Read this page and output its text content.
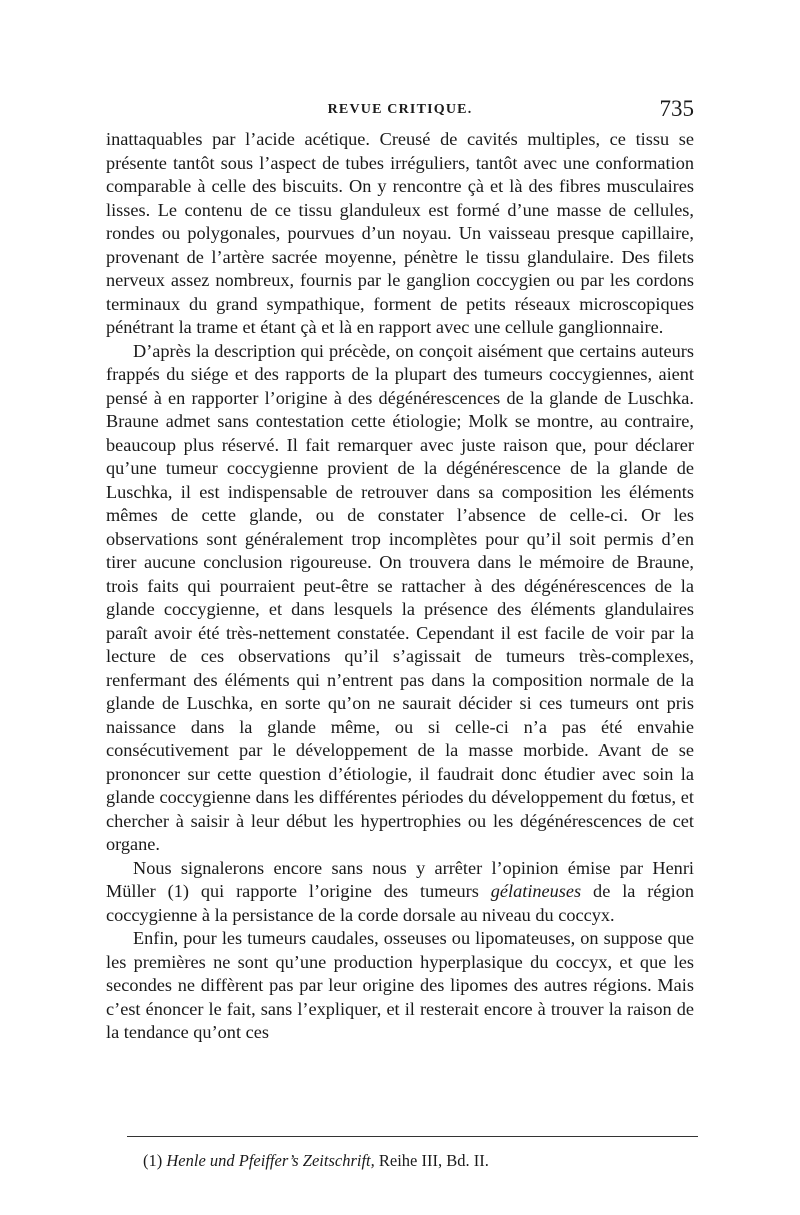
REVUE CRITIQUE.	735

inattaquables par l’acide acétique. Creusé de cavités multiples, ce tissu se présente tantôt sous l’aspect de tubes irréguliers, tantôt avec une conformation comparable à celle des biscuits. On y rencontre çà et là des fibres musculaires lisses. Le contenu de ce tissu glanduleux est formé d’une masse de cellules, rondes ou polygonales, pourvues d’un noyau. Un vaisseau presque capillaire, provenant de l’artère sacrée moyenne, pénètre le tissu glandulaire. Des filets nerveux assez nombreux, fournis par le ganglion coccygien ou par les cordons terminaux du grand sympathique, forment de petits réseaux microscopiques pénétrant la trame et étant çà et là en rapport avec une cellule ganglionnaire.

D’après la description qui précède, on conçoit aisément que certains auteurs frappés du siége et des rapports de la plupart des tumeurs coccygiennes, aient pensé à en rapporter l’origine à des dégénérescences de la glande de Luschka. Braune admet sans contestation cette étiologie; Molk se montre, au contraire, beaucoup plus réservé. Il fait remarquer avec juste raison que, pour déclarer qu’une tumeur coccygienne provient de la dégénérescence de la glande de Luschka, il est indispensable de retrouver dans sa composition les éléments mêmes de cette glande, ou de constater l’absence de celle-ci. Or les observations sont généralement trop incomplètes pour qu’il soit permis d’en tirer aucune conclusion rigoureuse. On trouvera dans le mémoire de Braune, trois faits qui pourraient peut-être se rattacher à des dégénérescences de la glande coccygienne, et dans lesquels la présence des éléments glandulaires paraît avoir été très-nettement constatée. Cependant il est facile de voir par la lecture de ces observations qu’il s’agissait de tumeurs très-complexes, renfermant des éléments qui n’entrent pas dans la composition normale de la glande de Luschka, en sorte qu’on ne saurait décider si ces tumeurs ont pris naissance dans la glande même, ou si celle-ci n’a pas été envahie consécutivement par le développement de la masse morbide. Avant de se prononcer sur cette question d’étiologie, il faudrait donc étudier avec soin la glande coccygienne dans les différentes périodes du développement du fœtus, et chercher à saisir à leur début les hypertrophies ou les dégénérescences de cet organe.

Nous signalerons encore sans nous y arrêter l’opinion émise par Henri Müller (1) qui rapporte l’origine des tumeurs gélatineuses de la région coccygienne à la persistance de la corde dorsale au niveau du coccyx.

Enfin, pour les tumeurs caudales, osseuses ou lipomateuses, on suppose que les premières ne sont qu’une production hyperplasique du coccyx, et que les secondes ne diffèrent pas par leur origine des lipomes des autres régions. Mais c’est énoncer le fait, sans l’expliquer, et il resterait encore à trouver la raison de la tendance qu’ont ces

(1) Henle und Pfeiffer’s Zeitschrift, Reihe III, Bd. II.
